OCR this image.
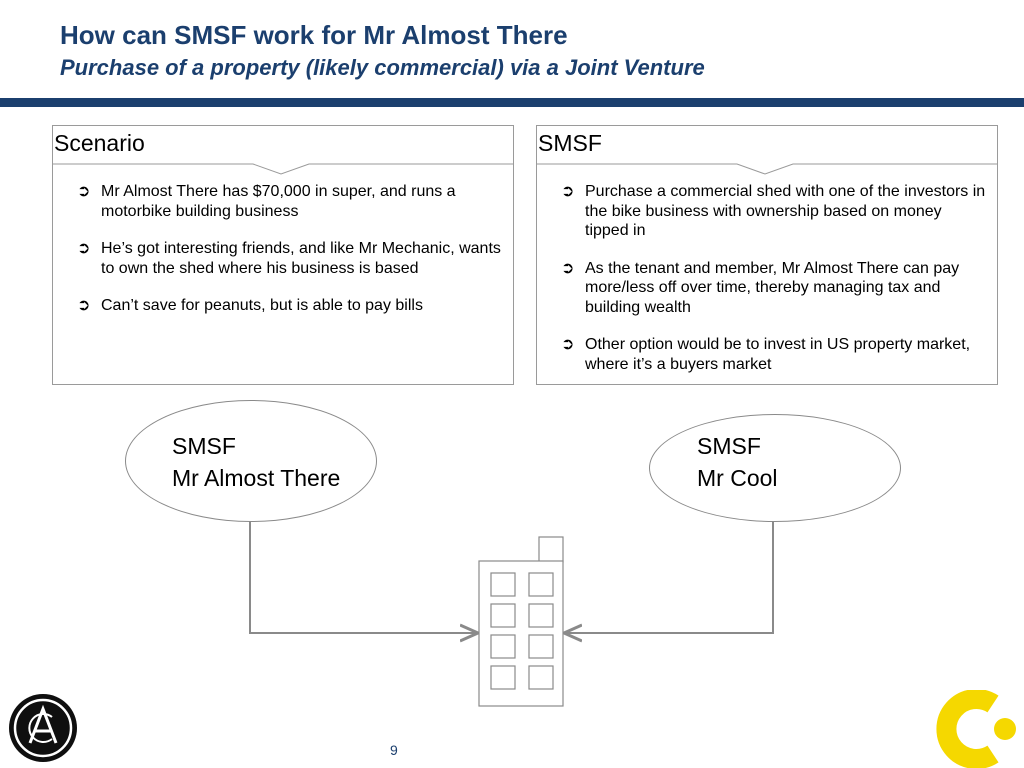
How can SMSF work for Mr Almost There
Purchase of a property (likely commercial) via a Joint Venture
Scenario
➲ Mr Almost There has $70,000 in super, and runs a motorbike building business
➲ He’s got interesting friends, and like Mr Mechanic, wants to own the shed where his business is based
➲ Can’t save for peanuts, but is able to pay bills
SMSF
➲ Purchase a commercial shed with one of the investors in the bike business with ownership based on money tipped in
➲ As the tenant and member, Mr Almost There can pay more/less off over time, thereby managing tax and building wealth
➲ Other option would be to invest in US property market, where it’s a buyers market
SMSF
Mr Almost There
SMSF
Mr Cool
9
